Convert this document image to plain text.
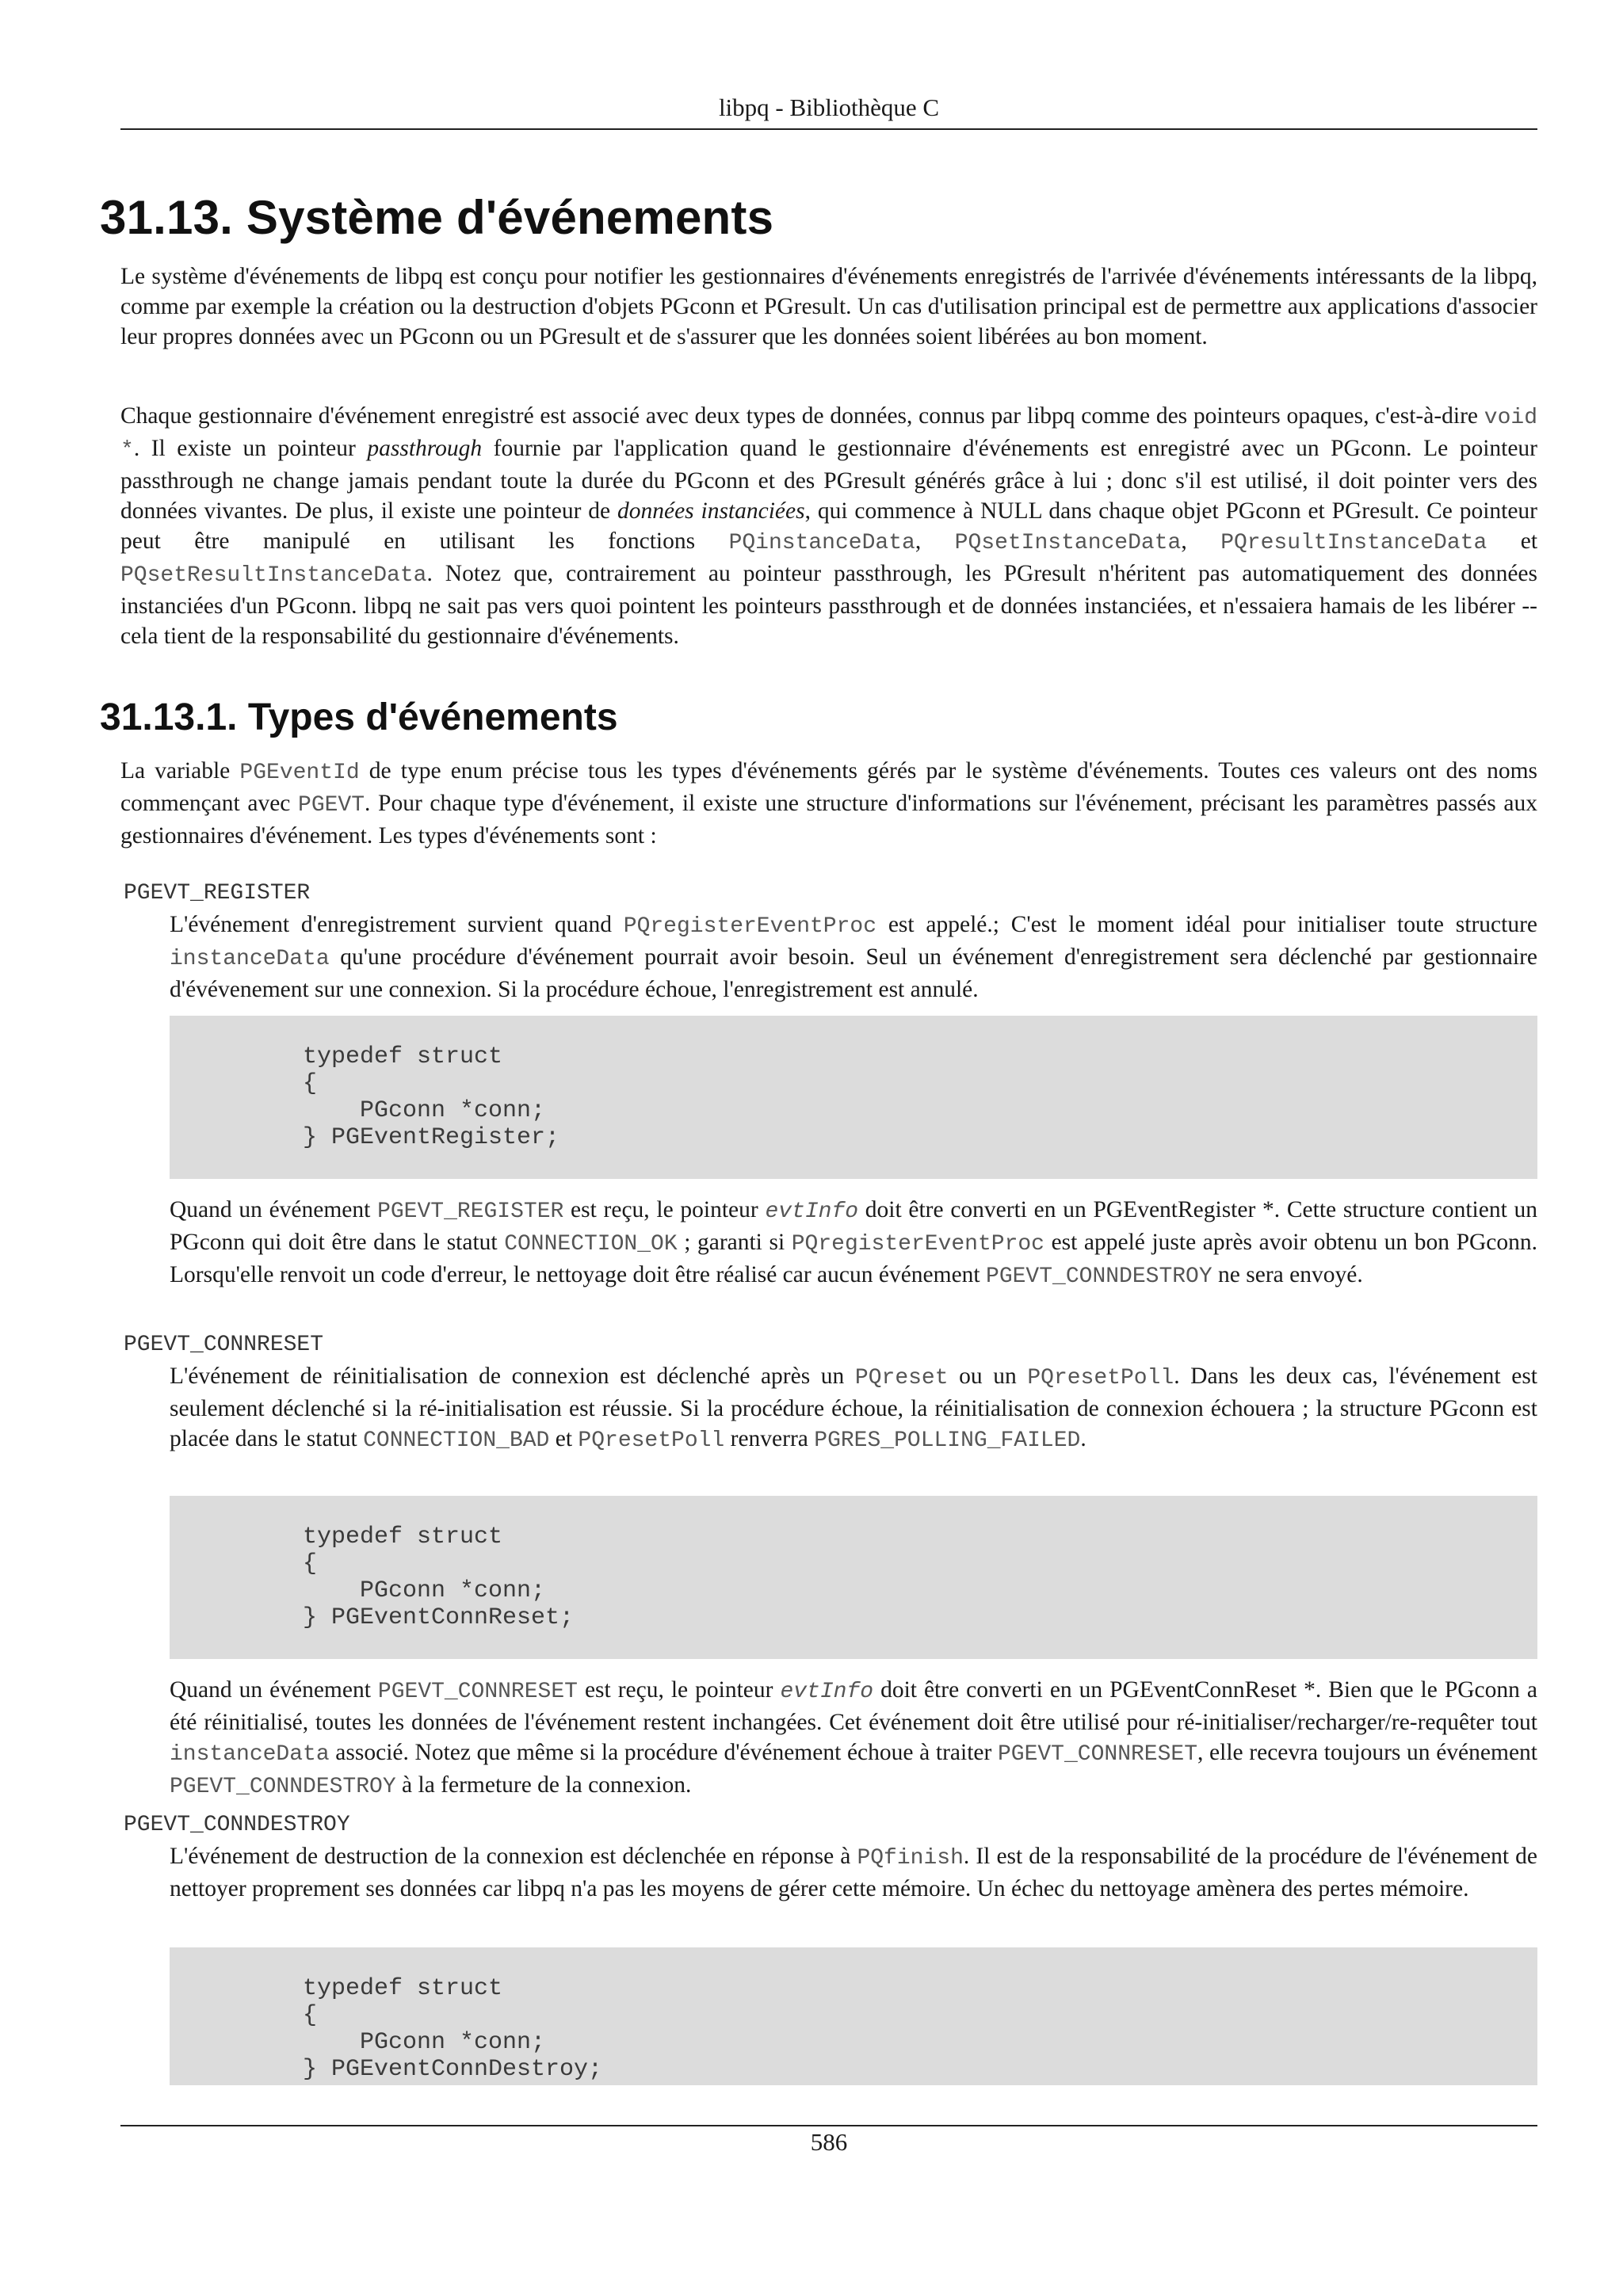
libpq - Bibliothèque C
31.13. Système d'événements

Le système d'événements de libpq est conçu pour notifier les gestionnaires d'événements enregistrés de l'arrivée d'événements intéressants de la libpq, comme par exemple la création ou la destruction d'objets PGconn et PGresult. Un cas d'utilisation principal est de permettre aux applications d'associer leur propres données avec un PGconn ou un PGresult et de s'assurer que les données soient libérées au bon moment.

Chaque gestionnaire d'événement enregistré est associé avec deux types de données, connus par libpq comme des pointeurs opaques, c'est-à-dire void *. Il existe un pointeur passthrough fournie par l'application quand le gestionnaire d'événements est enregistré avec un PGconn. Le pointeur passthrough ne change jamais pendant toute la durée du PGconn et des PGresult générés grâce à lui ; donc s'il est utilisé, il doit pointer vers des données vivantes. De plus, il existe une pointeur de données instanciées, qui commence à NULL dans chaque objet PGconn et PGresult. Ce pointeur peut être manipulé en utilisant les fonctions PQinstanceData, PQsetInstanceData, PQresultInstanceData et PQsetResultInstanceData. Notez que, contrairement au pointeur passthrough, les PGresult n'héritent pas automatiquement des données instanciées d'un PGconn. libpq ne sait pas vers quoi pointent les pointeurs passthrough et de données instanciées, et n'essaiera hamais de les libérer -- cela tient de la responsabilité du gestionnaire d'événements.

31.13.1. Types d'événements

La variable PGEventId de type enum précise tous les types d'événements gérés par le système d'événements. Toutes ces valeurs ont des noms commençant avec PGEVT. Pour chaque type d'événement, il existe une structure d'informations sur l'événement, précisant les paramètres passés aux gestionnaires d'événement. Les types d'événements sont :

PGEVT_REGISTER

L'événement d'enregistrement survient quand PQregisterEventProc est appelé.; C'est le moment idéal pour initialiser toute structure instanceData qu'une procédure d'événement pourrait avoir besoin. Seul un événement d'enregistrement sera déclenché par gestionnaire d'évévenement sur une connexion. Si la procédure échoue, l'enregistrement est annulé.

typedef struct
{
PGconn *conn;
} PGEventRegister;

Quand un événement PGEVT_REGISTER est reçu, le pointeur evtInfo doit être converti en un PGEventRegister *. Cette structure contient un PGconn qui doit être dans le statut CONNECTION_OK ; garanti si PQregisterEventProc est appelé juste après avoir obtenu un bon PGconn. Lorsqu'elle renvoit un code d'erreur, le nettoyage doit être réalisé car aucun événement PGEVT_CONNDESTROY ne sera envoyé.

PGEVT_CONNRESET

L'événement de réinitialisation de connexion est déclenché après un PQreset ou un PQresetPoll. Dans les deux cas, l'événement est seulement déclenché si la ré-initialisation est réussie. Si la procédure échoue, la réinitialisation de connexion échouera ; la structure PGconn est placée dans le statut CONNECTION_BAD et PQresetPoll renverra PGRES_POLLING_FAILED.

typedef struct
{
PGconn *conn;
} PGEventConnReset;

Quand un événement PGEVT_CONNRESET est reçu, le pointeur evtInfo doit être converti en un PGEventConnReset *. Bien que le PGconn a été réinitialisé, toutes les données de l'événement restent inchangées. Cet événement doit être utilisé pour ré-initialiser/recharger/re-requêter tout instanceData associé. Notez que même si la procédure d'événement échoue à traiter PGEVT_CONNRESET, elle recevra toujours un événement PGEVT_CONNDESTROY à la fermeture de la connexion.

PGEVT_CONNDESTROY

L'événement de destruction de la connexion est déclenchée en réponse à PQfinish. Il est de la responsabilité de la procédure de l'événement de nettoyer proprement ses données car libpq n'a pas les moyens de gérer cette mémoire. Un échec du nettoyage amènera des pertes mémoire.

typedef struct
{
PGconn *conn;
} PGEventConnDestroy;
586
